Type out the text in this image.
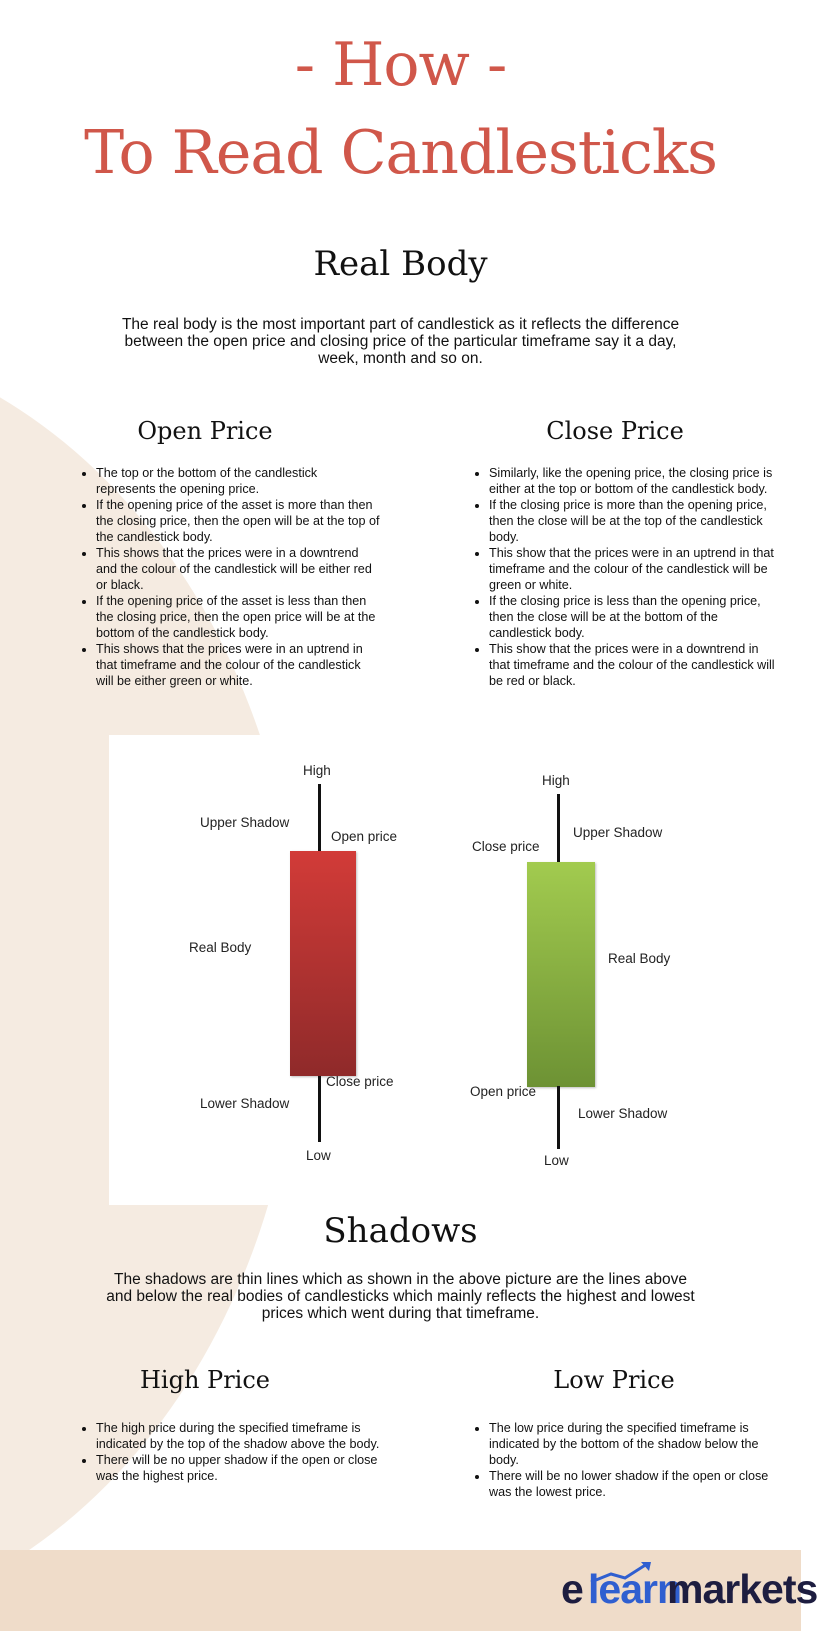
- How -
To Read Candlesticks
Real Body
The real body is the most important part of candlestick as it reflects the difference
between the open price and closing price of the particular timeframe say it a day,
week, month and so on.
Open Price
• The top or the bottom of the candlestick represents the opening price.
• If the opening price of the asset is more than then the closing price, then the open will be at the top of the candlestick body.
• This shows that the prices were in a downtrend and the colour of the candlestick will be either red or black.
• If the opening price of the asset is less than then the closing price, then the open price will be at the bottom of the candlestick body.
• This shows that the prices were in an uptrend in that timeframe and the colour of the candlestick will be either green or white.
Close Price
• Similarly, like the opening price, the closing price is either at the top or bottom of the candlestick body.
• If the closing price is more than the opening price, then the close will be at the top of the candlestick body.
• This show that the prices were in an uptrend in that timeframe and the colour of the candlestick will be green or white.
• If the closing price is less than the opening price, then the close will be at the bottom of the candlestick body.
• This show that the prices were in a downtrend in that timeframe and the colour of the candlestick will be red or black.
High
Upper Shadow
Open price
Real Body
Close price
Lower Shadow
Low
High
Close price
Upper Shadow
Real Body
Open price
Lower Shadow
Low
Shadows
The shadows are thin lines which as shown in the above picture are the lines above
and below the real bodies of candlesticks which mainly reflects the highest and lowest
prices which went during that timeframe.
High Price
• The high price during the specified timeframe is indicated by the top of the shadow above the body.
• There will be no upper shadow if the open or close was the highest price.
Low Price
• The low price during the specified timeframe is indicated by the bottom of the shadow below the body.
• There will be no lower shadow if the open or close was the lowest price.
e learn
markets
